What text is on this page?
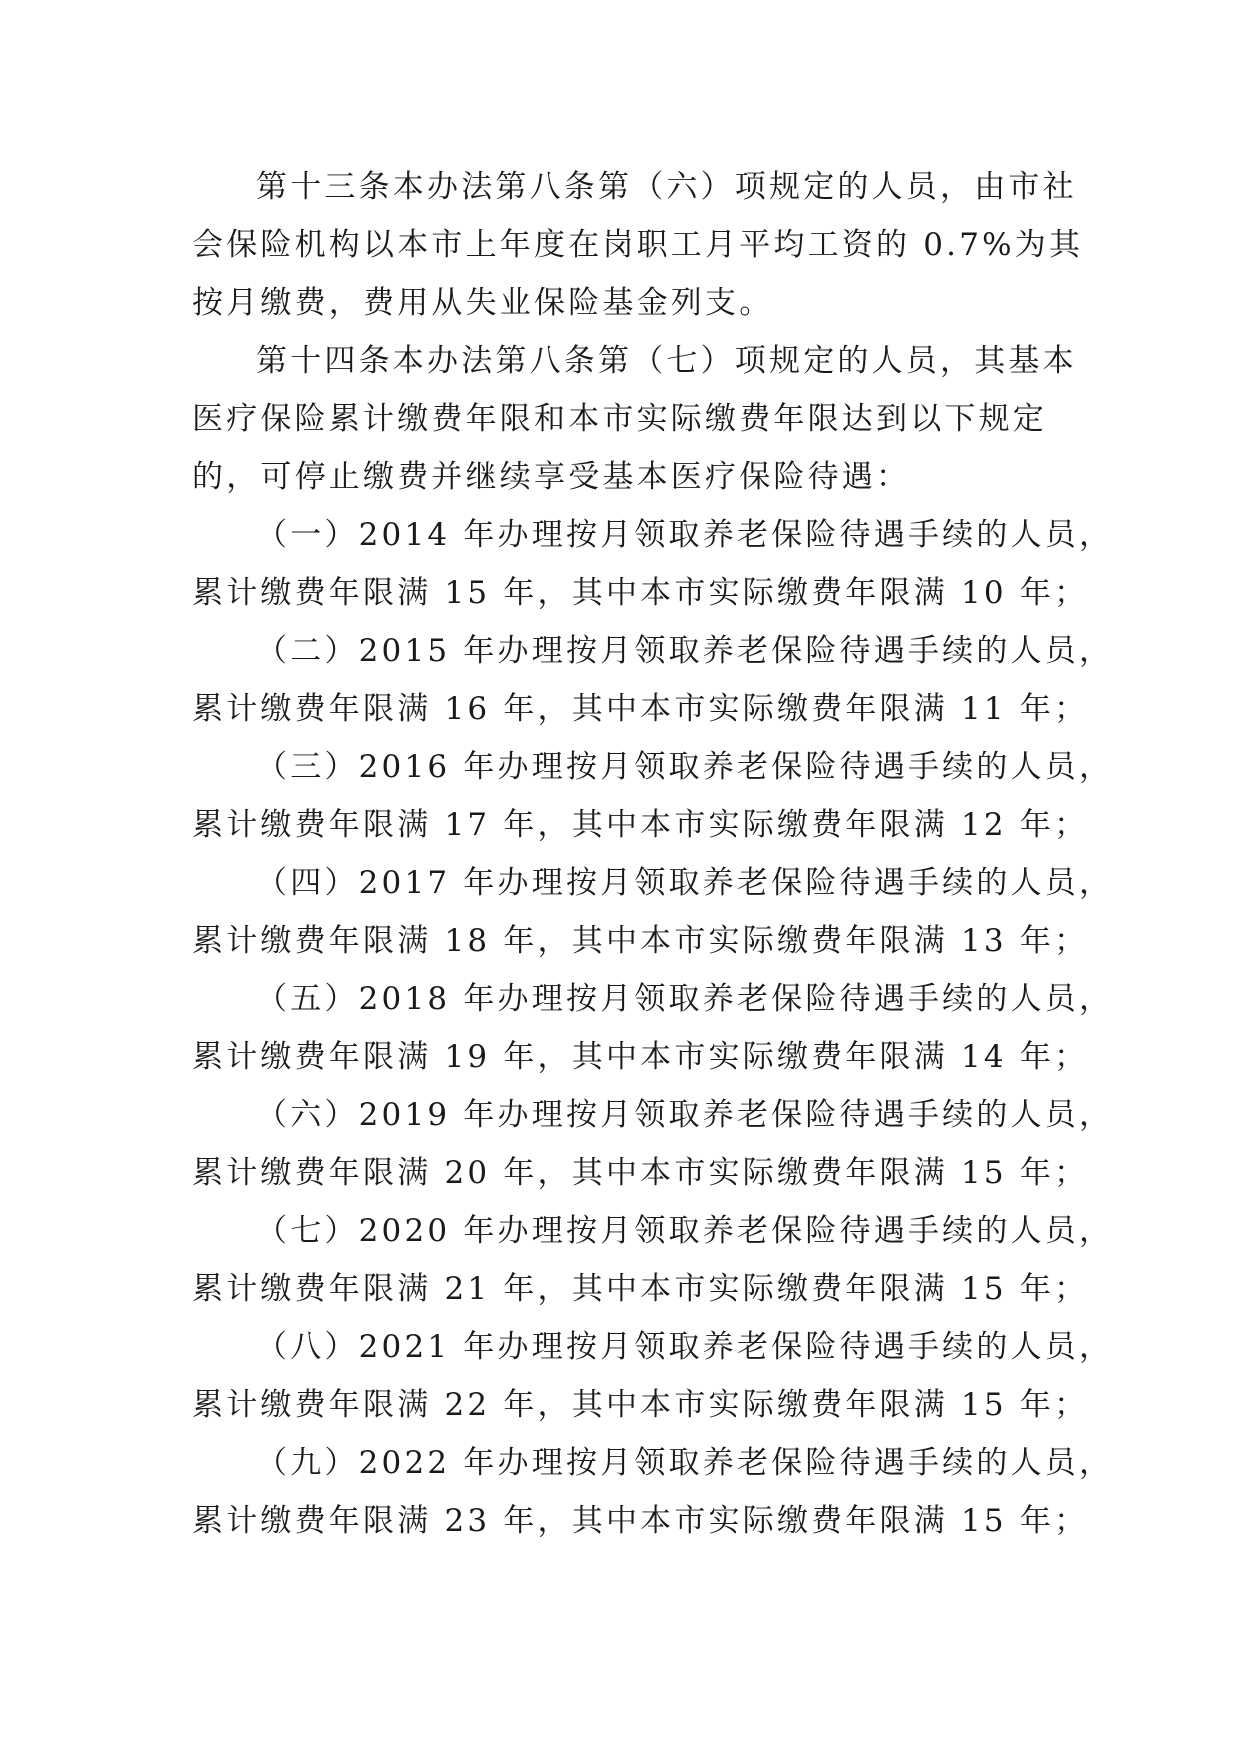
第十三条本办法第八条第（六）项规定的人员，由市社
会保险机构以本市上年度在岗职工月平均工资的 0.7%为其
按月缴费，费用从失业保险基金列支。
第十四条本办法第八条第（七）项规定的人员，其基本
医疗保险累计缴费年限和本市实际缴费年限达到以下规定
的，可停止缴费并继续享受基本医疗保险待遇：
（一）2014 年办理按月领取养老保险待遇手续的人员，
累计缴费年限满 15 年，其中本市实际缴费年限满 10 年；
（二）2015 年办理按月领取养老保险待遇手续的人员，
累计缴费年限满 16 年，其中本市实际缴费年限满 11 年；
（三）2016 年办理按月领取养老保险待遇手续的人员，
累计缴费年限满 17 年，其中本市实际缴费年限满 12 年；
（四）2017 年办理按月领取养老保险待遇手续的人员，
累计缴费年限满 18 年，其中本市实际缴费年限满 13 年；
（五）2018 年办理按月领取养老保险待遇手续的人员，
累计缴费年限满 19 年，其中本市实际缴费年限满 14 年；
（六）2019 年办理按月领取养老保险待遇手续的人员，
累计缴费年限满 20 年，其中本市实际缴费年限满 15 年；
（七）2020 年办理按月领取养老保险待遇手续的人员，
累计缴费年限满 21 年，其中本市实际缴费年限满 15 年；
（八）2021 年办理按月领取养老保险待遇手续的人员，
累计缴费年限满 22 年，其中本市实际缴费年限满 15 年；
（九）2022 年办理按月领取养老保险待遇手续的人员，
累计缴费年限满 23 年，其中本市实际缴费年限满 15 年；
